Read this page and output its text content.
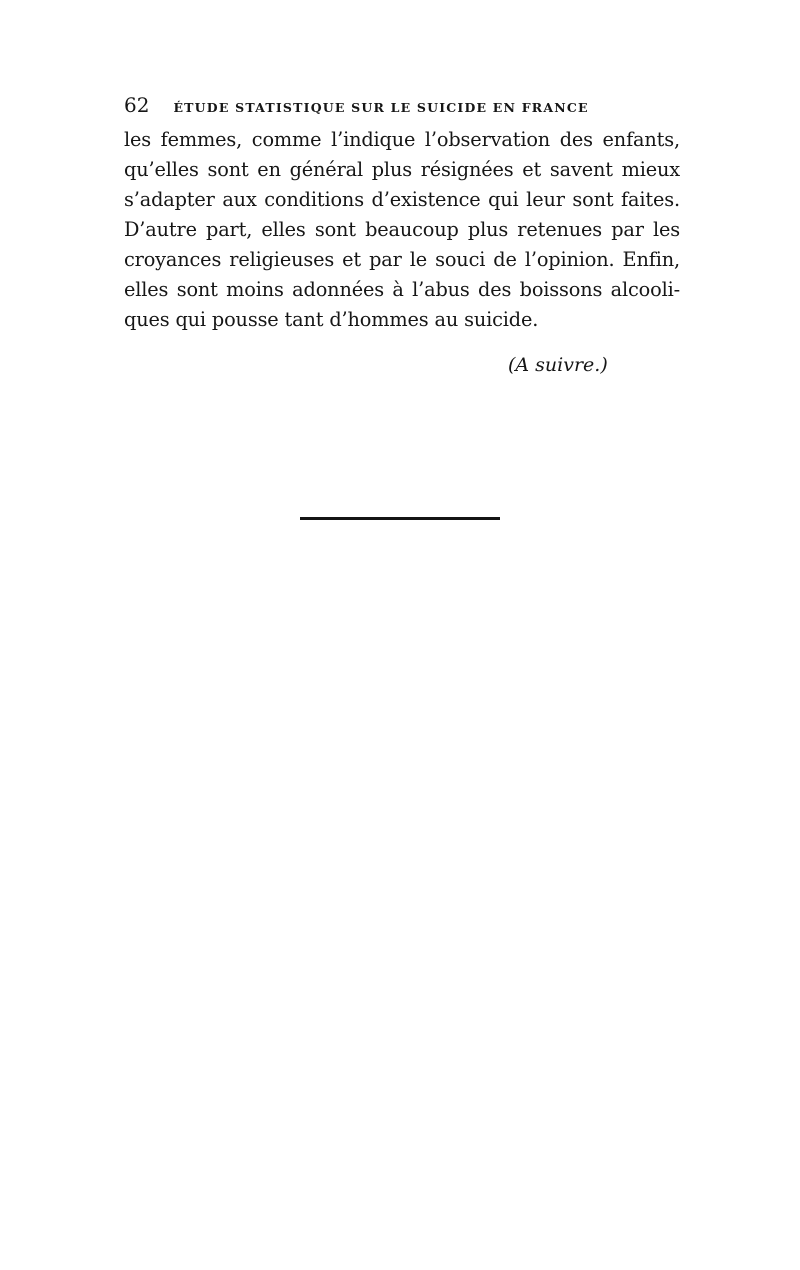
62 ÉTUDE STATISTIQUE SUR LE SUICIDE EN FRANCE
les femmes, comme l’indique l’observation des enfants,
qu’elles sont en général plus résignées et savent mieux
s’adapter aux conditions d’existence qui leur sont faites.
D’autre part, elles sont beaucoup plus retenues par les
croyances religieuses et par le souci de l’opinion. Enfin,
elles sont moins adonnées à l’abus des boissons alcooli-
ques qui pousse tant d’hommes au suicide.
(A suivre.)
